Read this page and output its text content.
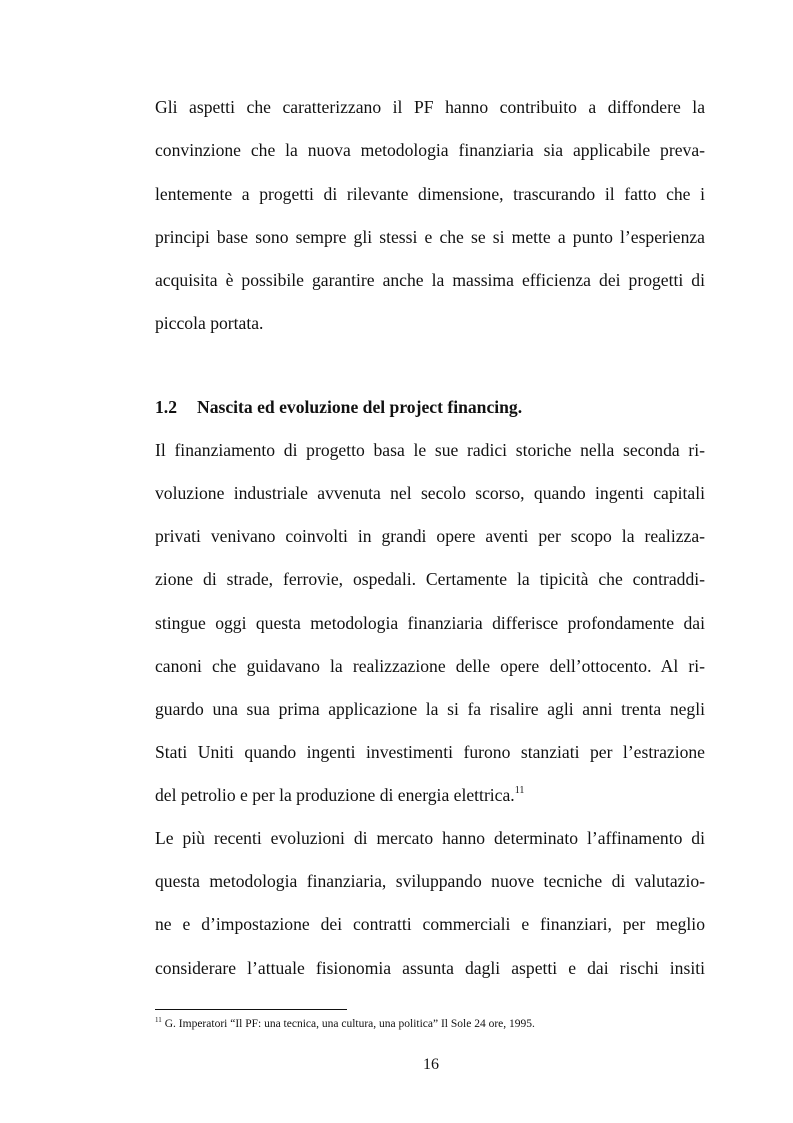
Gli aspetti che caratterizzano il PF hanno contribuito a diffondere la
convinzione che la nuova metodologia finanziaria sia applicabile preva-
lentemente a progetti di rilevante dimensione, trascurando il fatto che i
principi base sono sempre gli stessi e che se si mette a punto l’esperienza
acquisita è possibile garantire anche la massima efficienza dei progetti di
piccola portata.
1.2 Nascita ed evoluzione del project financing.
Il finanziamento di progetto basa le sue radici storiche nella seconda ri-
voluzione industriale avvenuta nel secolo scorso, quando ingenti capitali
privati venivano coinvolti in grandi opere aventi per scopo la realizza-
zione di strade, ferrovie, ospedali. Certamente la tipicità che contraddi-
stingue oggi questa metodologia finanziaria differisce profondamente dai
canoni che guidavano la realizzazione delle opere dell’ottocento. Al ri-
guardo una sua prima applicazione la si fa risalire agli anni trenta negli
Stati Uniti quando ingenti investimenti furono stanziati per l’estrazione
del petrolio e per la produzione di energia elettrica.$^{11}$
Le più recenti evoluzioni di mercato hanno determinato l’affinamento di
questa metodologia finanziaria, sviluppando nuove tecniche di valutazio-
ne e d’impostazione dei contratti commerciali e finanziari, per meglio
considerare l’attuale fisionomia assunta dagli aspetti e dai rischi insiti
$^{11}$ G. Imperatori “Il PF: una tecnica, una cultura, una politica” Il Sole 24 ore, 1995.
16
